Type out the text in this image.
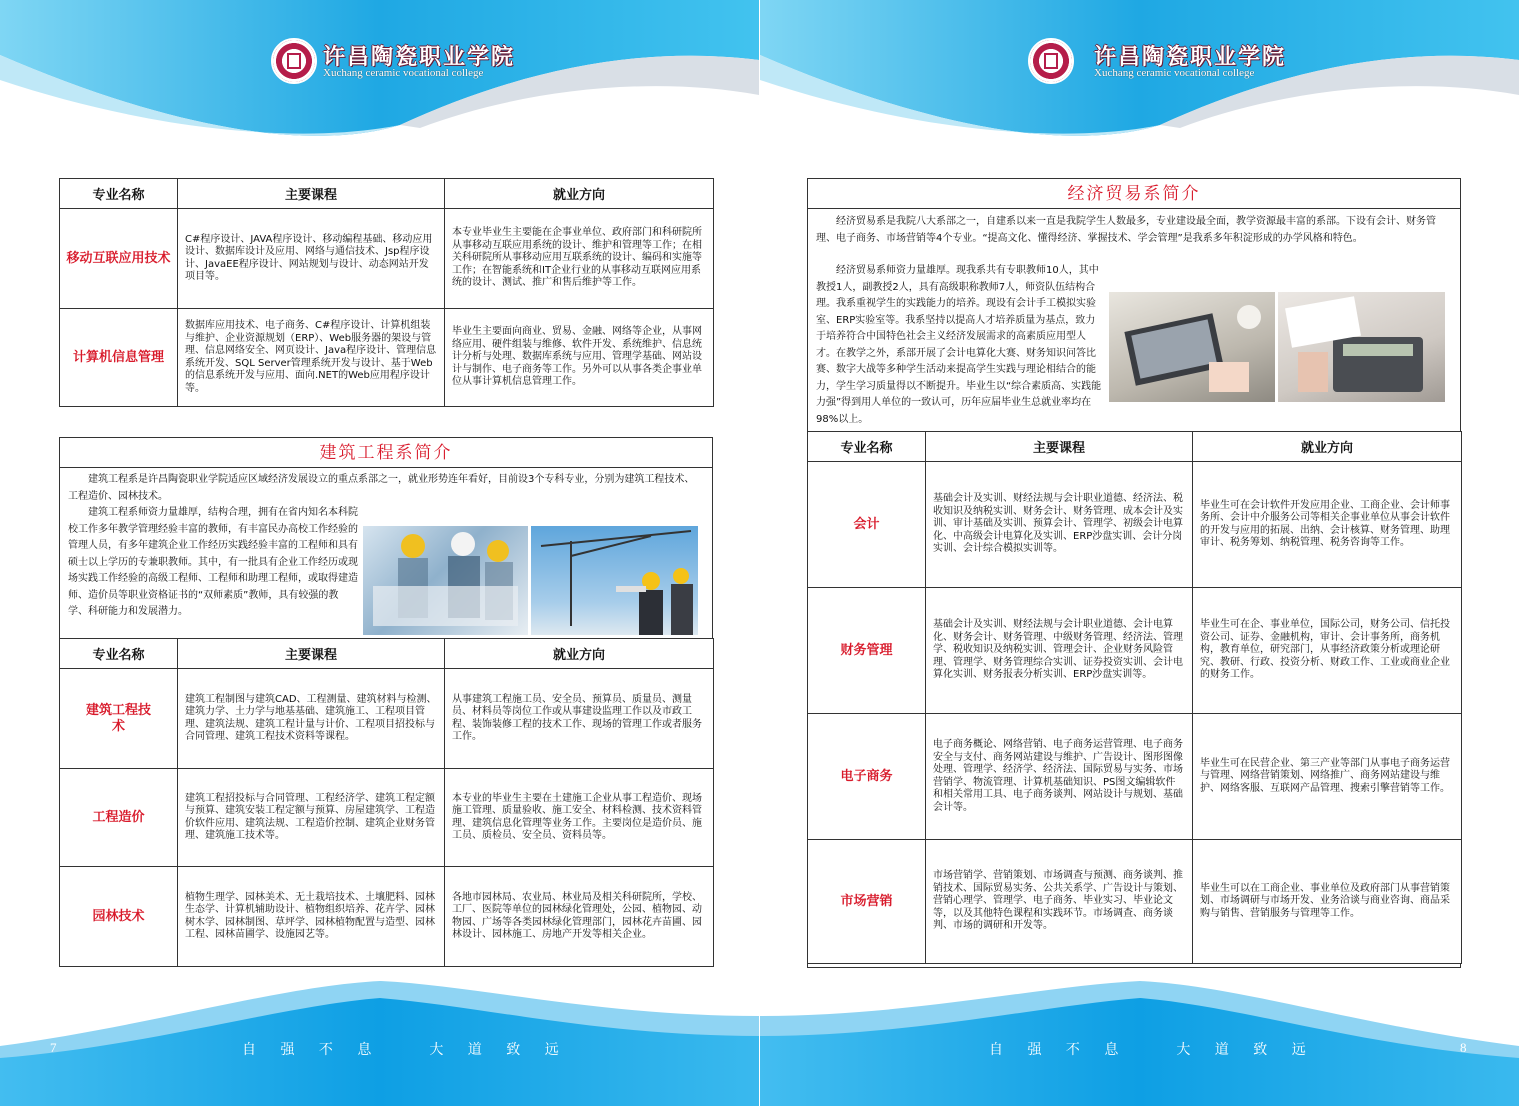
许昌陶瓷职业学院
Xuchang ceramic vocational college
专业名称	主要课程	就业方向
移动互联应用技术	C#程序设计、JAVA程序设计、移动编程基础、移动应用设计、数据库设计及应用、网络与通信技术、Jsp程序设计、JavaEE程序设计、网站规划与设计、动态网站开发项目等。	本专业毕业生主要能在企事业单位、政府部门和科研院所从事移动互联应用系统的设计、维护和管理等工作；在相关科研院所从事移动应用互联系统的设计、编码和实施等工作；在智能系统和IT企业行业的从事移动互联网应用系统的设计、测试、推广和售后维护等工作。
计算机信息管理	数据库应用技术、电子商务、C#程序设计、计算机组装与维护、企业资源规划（ERP）、Web服务器的架设与管理、信息网络安全、网页设计、Java程序设计、管理信息系统开发、SQL Server管理系统开发与设计、基于Web 的信息系统开发与应用、面向.NET的Web应用程序设计等。	毕业生主要面向商业、贸易、金融、网络等企业，从事网络应用、硬件组装与维修、软件开发、系统维护、信息统计分析与处理、数据库系统与应用、管理学基础、网站设计与制作、电子商务等工作。另外可以从事各类企事业单位从事计算机信息管理工作。
建筑工程系简介
建筑工程系是许昌陶瓷职业学院适应区域经济发展设立的重点系部之一，就业形势连年看好，目前设3个专科专业，分别为建筑工程技术、工程造价、园林技术。
建筑工程系师资力量雄厚，结构合理，拥有在省内知名本科院校工作多年教学管理经验丰富的教师，有丰富民办高校工作经验的管理人员，有多年建筑企业工作经历实践经验丰富的工程师和具有硕士以上学历的专兼职教师。其中，有一批具有企业工作经历或现场实践工作经验的高级工程师、工程师和助理工程师，或取得建造师、造价员等职业资格证书的“双师素质”教师，具有较强的教学、科研能力和发展潜力。
专业名称	主要课程	就业方向
建筑工程技术	建筑工程制图与建筑CAD、工程测量、建筑材料与检测、建筑力学、土力学与地基基础、建筑施工、工程项目管理、建筑法规、建筑工程计量与计价、工程项目招投标与合同管理、建筑工程技术资料等课程。	从事建筑工程施工员、安全员、预算员、质量员、测量员、材料员等岗位工作或从事建设监理工作以及市政工程、装饰装修工程的技术工作、现场的管理工作或者服务工作。
工程造价	建筑工程招投标与合同管理、工程经济学、建筑工程定额与预算、建筑安装工程定额与预算、房屋建筑学、工程造价软件应用、建筑法规、工程造价控制、建筑企业财务管理、建筑施工技术等。	本专业的毕业生主要在土建施工企业从事工程造价、现场施工管理、质量验收、施工安全、材料检测、技术资料管理、建筑信息化管理等业务工作。主要岗位是造价员、施工员、质检员、安全员、资料员等。
园林技术	植物生理学、园林美术、无土栽培技术、土壤肥料、园林生态学、计算机辅助设计、植物组织培养、花卉学、园林树木学、园林制图、草坪学、园林植物配置与造型、园林工程、园林苗圃学、设施园艺等。	各地市园林局、农业局、林业局及相关科研院所，学校、工厂、医院等单位的园林绿化管理处，公园、植物园、动物园、广场等各类园林绿化管理部门，园林花卉苗圃、园林设计、园林施工、房地产开发等相关企业。
7	自 强 不 息　　大 道 致 远
许昌陶瓷职业学院
Xuchang ceramic vocational college
经济贸易系简介
经济贸易系是我院八大系部之一，自建系以来一直是我院学生人数最多，专业建设最全面，教学资源最丰富的系部。下设有会计、财务管理、电子商务、市场营销等4个专业。“提高文化、懂得经济、掌握技术、学会管理”是我系多年积淀形成的办学风格和特色。
经济贸易系师资力量雄厚。现我系共有专职教师10人，其中教授1人，副教授2人，具有高级职称教师7人，师资队伍结构合理。我系重视学生的实践能力的培养。现设有会计手工模拟实验室、ERP实验室等。我系坚持以提高人才培养质量为基点，致力于培养符合中国特色社会主义经济发展需求的高素质应用型人才。在教学之外，系部开展了会计电算化大赛、财务知识问答比赛、数字大战等多种学生活动来提高学生实践与理论相结合的能力，学生学习质量得以不断提升。毕业生以“综合素质高、实践能力强”得到用人单位的一致认可，历年应届毕业生总就业率均在98%以上。
专业名称	主要课程	就业方向
会计	基础会计及实训、财经法规与会计职业道德、经济法、税收知识及纳税实训、财务会计、财务管理、成本会计及实训、审计基础及实训、预算会计、管理学、初级会计电算化、中高级会计电算化及实训、ERP沙盘实训、会计分岗实训、会计综合模拟实训等。	毕业生可在会计软件开发应用企业、工商企业、会计师事务所、会计中介服务公司等相关企事业单位从事会计软件的开发与应用的拓展、出纳、会计核算、财务管理、助理审计、税务筹划、纳税管理、税务咨询等工作。
财务管理	基础会计及实训、财经法规与会计职业道德、会计电算化、财务会计、财务管理、中级财务管理、经济法、管理学、税收知识及纳税实训、管理会计、企业财务风险管理、管理学、财务管理综合实训、证券投资实训、会计电算化实训、财务报表分析实训、ERP沙盘实训等。	毕业生可在企、事业单位，国际公司，财务公司、信托投资公司、证券、金融机构，审计、会计事务所，商务机构，教育单位，研究部门，从事经济政策分析或理论研究、教研、行政、投资分析、财政工作、工业或商业企业的财务工作。
电子商务	电子商务概论、网络营销、电子商务运营管理、电子商务安全与支付、商务网站建设与维护、广告设计、图形图像处理、管理学、经济学、经济法、国际贸易与实务、市场营销学、物流管理、计算机基础知识、PS图文编辑软件和相关常用工具、电子商务谈判、网站设计与规划、基础会计等。	毕业生可在民营企业、第三产业等部门从事电子商务运营与管理、网络营销策划、网络推广、商务网站建设与维护、网络客服、互联网产品管理、搜索引擎营销等工作。
市场营销	市场营销学、营销策划、市场调查与预测、商务谈判、推销技术、国际贸易实务、公共关系学、广告设计与策划、营销心理学、管理学、电子商务、毕业实习、毕业论文等，以及其他特色课程和实践环节。市场调查、商务谈判、市场的调研和开发等。	毕业生可以在工商企业、事业单位及政府部门从事营销策划、市场调研与市场开发、业务洽谈与商业咨询、商品采购与销售、营销服务与管理等工作。
自 强 不 息　　大 道 致 远	8
